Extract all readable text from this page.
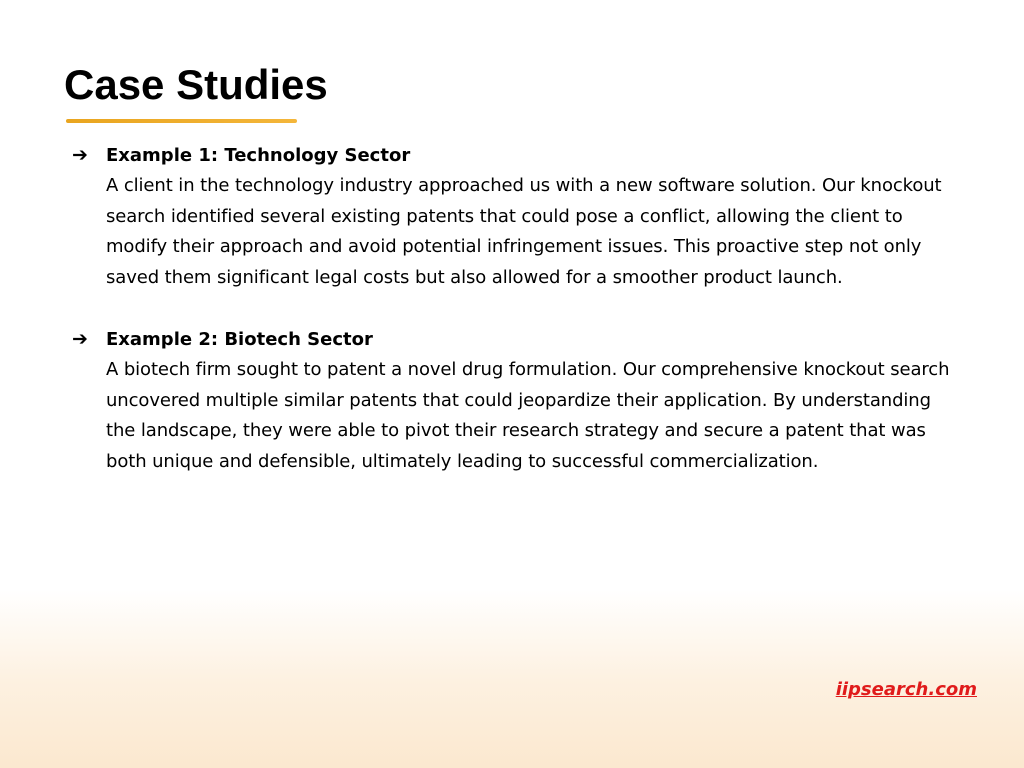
Case Studies
➔ Example 1: Technology Sector
A client in the technology industry approached us with a new software solution. Our knockout search identified several existing patents that could pose a conflict, allowing the client to modify their approach and avoid potential infringement issues. This proactive step not only saved them significant legal costs but also allowed for a smoother product launch.
➔ Example 2: Biotech Sector
A biotech firm sought to patent a novel drug formulation. Our comprehensive knockout search uncovered multiple similar patents that could jeopardize their application. By understanding the landscape, they were able to pivot their research strategy and secure a patent that was both unique and defensible, ultimately leading to successful commercialization.
iipsearch.com
